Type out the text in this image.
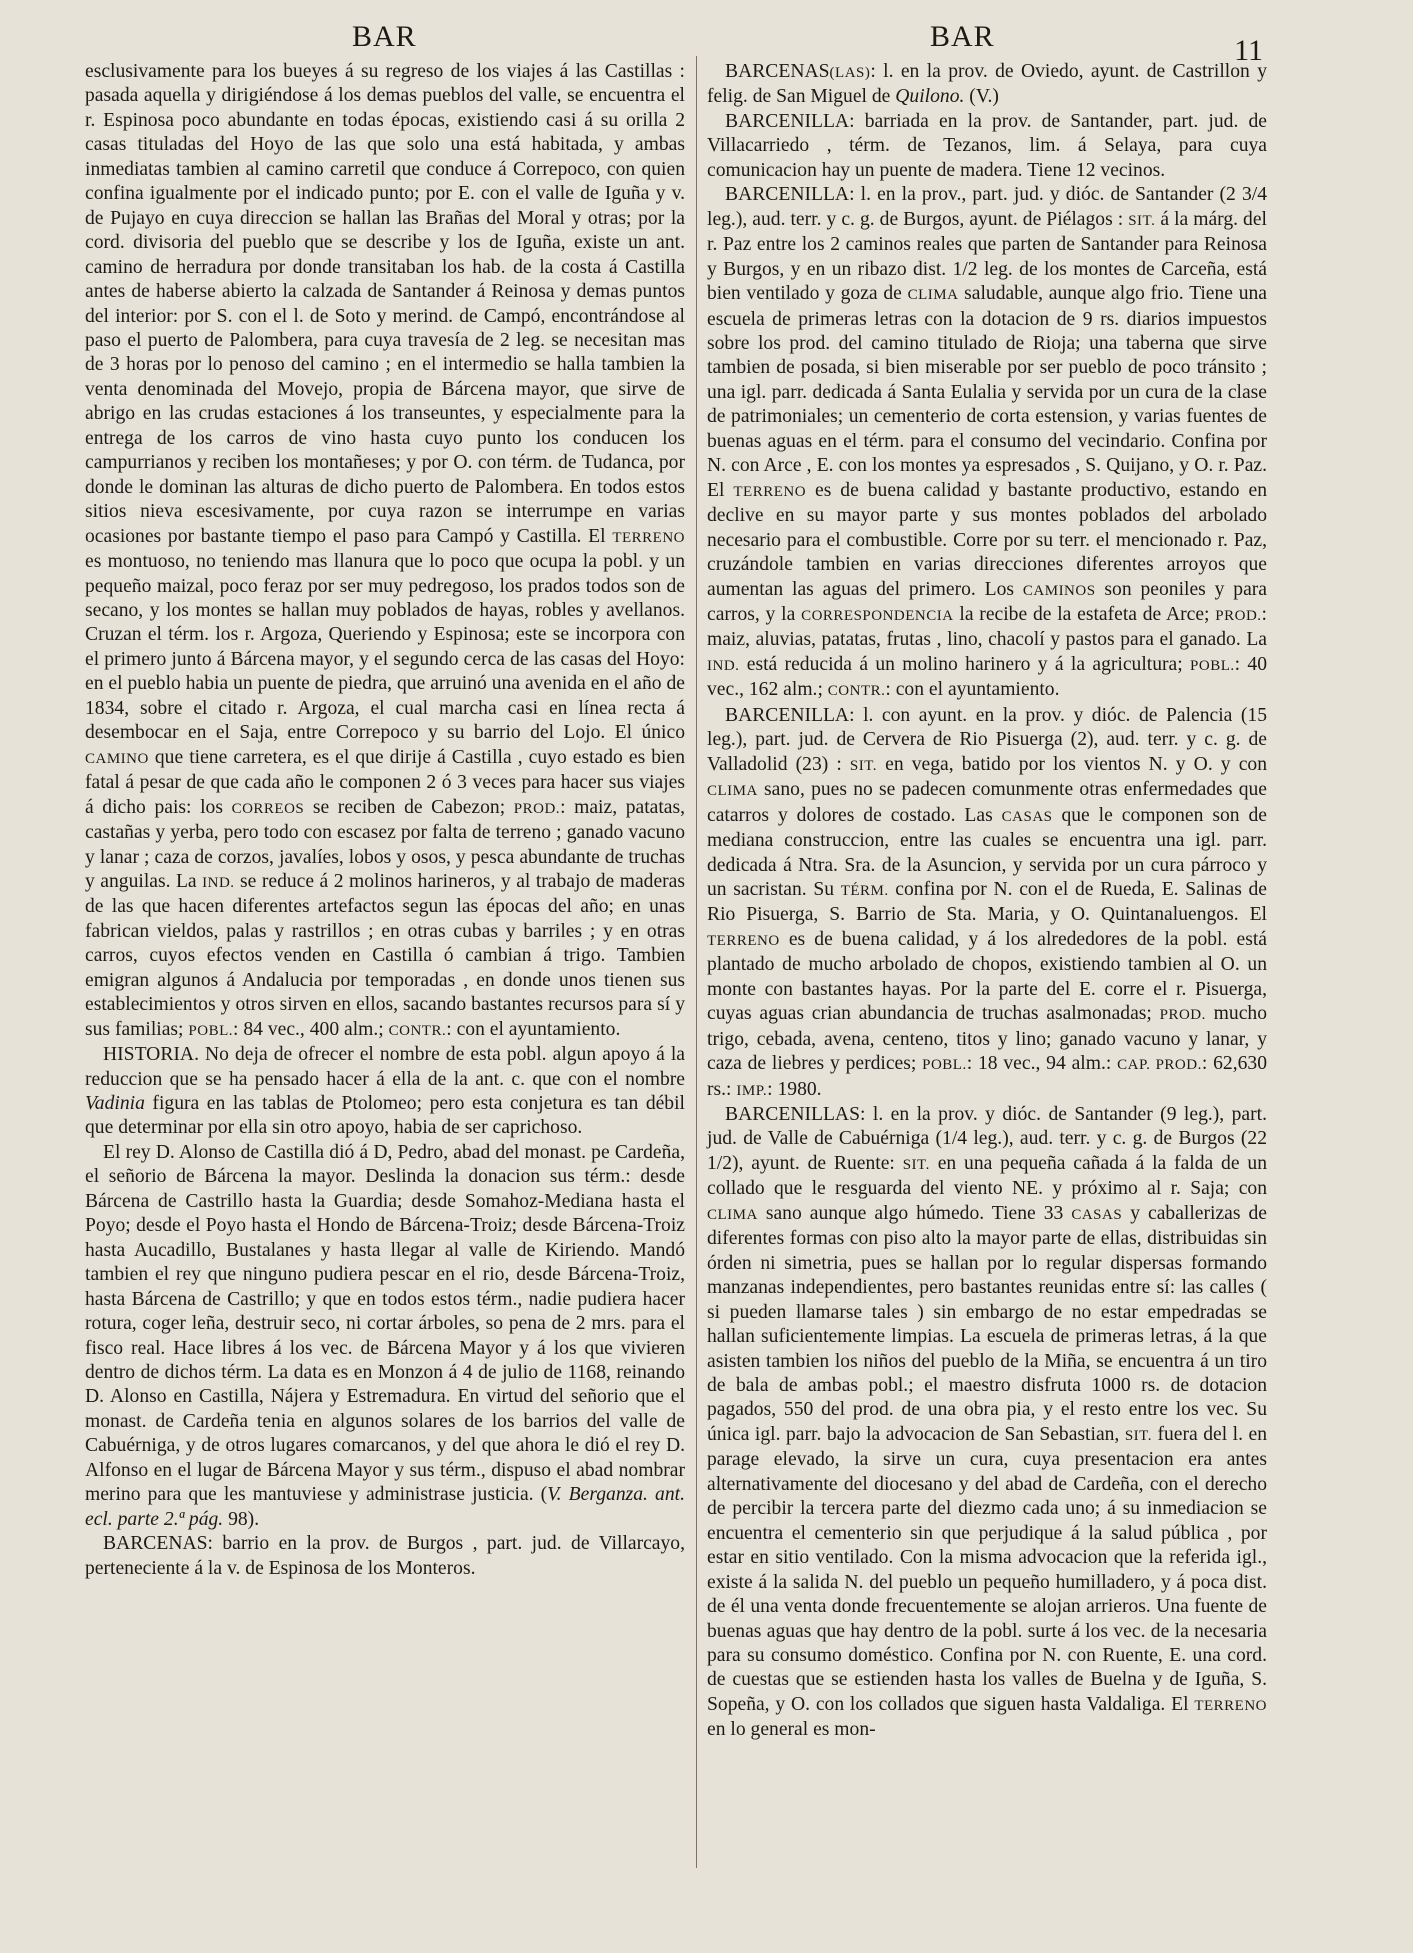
BAR	BAR	11

esclusivamente para los bueyes á su regreso de los viajes á las Castillas : pasada aquella y dirigiéndose á los demas pueblos del valle, se encuentra el r. Espinosa poco abundante en todas épocas, existiendo casi á su orilla 2 casas tituladas del Hoyo de las que solo una está habitada, y ambas inmediatas tambien al camino carretil que conduce á Correpoco, con quien confina igualmente por el indicado punto; por E. con el valle de Iguña y v. de Pujayo en cuya direccion se hallan las Brañas del Moral y otras; por la cord. divisoria del pueblo que se describe y los de Iguña, existe un ant. camino de herradura por donde transitaban los hab. de la costa á Castilla antes de haberse abierto la calzada de Santander á Reinosa y demas puntos del interior: por S. con el l. de Soto y merind. de Campó, encontrándose al paso el puerto de Palombera, para cuya travesía de 2 leg. se necesitan mas de 3 horas por lo penoso del camino ; en el intermedio se halla tambien la venta denominada del Movejo, propia de Bárcena mayor, que sirve de abrigo en las crudas estaciones á los transeuntes, y especialmente para la entrega de los carros de vino hasta cuyo punto los conducen los campurrianos y reciben los montañeses; y por O. con térm. de Tudanca, por donde le dominan las alturas de dicho puerto de Palombera. En todos estos sitios nieva escesivamente, por cuya razon se interrumpe en varias ocasiones por bastante tiempo el paso para Campó y Castilla. El TERRENO es montuoso, no teniendo mas llanura que lo poco que ocupa la pobl. y un pequeño maizal, poco feraz por ser muy pedregoso, los prados todos son de secano, y los montes se hallan muy poblados de hayas, robles y avellanos. Cruzan el térm. los r. Argoza, Queriendo y Espinosa; este se incorpora con el primero junto á Bárcena mayor, y el segundo cerca de las casas del Hoyo: en el pueblo habia un puente de piedra, que arruinó una avenida en el año de 1834, sobre el citado r. Argoza, el cual marcha casi en línea recta á desembocar en el Saja, entre Correpoco y su barrio del Lojo. El único CAMINO que tiene carretera, es el que dirije á Castilla , cuyo estado es bien fatal á pesar de que cada año le componen 2 ó 3 veces para hacer sus viajes á dicho pais: los CORREOS se reciben de Cabezon; PROD.: maiz, patatas, castañas y yerba, pero todo con escasez por falta de terreno ; ganado vacuno y lanar ; caza de corzos, javalíes, lobos y osos, y pesca abundante de truchas y anguilas. La IND. se reduce á 2 molinos harineros, y al trabajo de maderas de las que hacen diferentes artefactos segun las épocas del año; en unas fabrican vieldos, palas y rastrillos ; en otras cubas y barriles ; y en otras carros, cuyos efectos venden en Castilla ó cambian á trigo. Tambien emigran algunos á Andalucia por temporadas , en donde unos tienen sus establecimientos y otros sirven en ellos, sacando bastantes recursos para sí y sus familias; POBL.: 84 vec., 400 alm.; CONTR.: con el ayuntamiento.

HISTORIA. No deja de ofrecer el nombre de esta pobl. algun apoyo á la reduccion que se ha pensado hacer á ella de la ant. c. que con el nombre Vadinia figura en las tablas de Ptolomeo; pero esta conjetura es tan débil que determinar por ella sin otro apoyo, habia de ser caprichoso.

El rey D. Alonso de Castilla dió á D, Pedro, abad del monast. pe Cardeña, el señorio de Bárcena la mayor. Deslinda la donacion sus térm.: desde Bárcena de Castrillo hasta la Guardia; desde Somahoz-Mediana hasta el Poyo; desde el Poyo hasta el Hondo de Bárcena-Troiz; desde Bárcena-Troiz hasta Aucadillo, Bustalanes y hasta llegar al valle de Kiriendo. Mandó tambien el rey que ninguno pudiera pescar en el rio, desde Bárcena-Troiz, hasta Bárcena de Castrillo; y que en todos estos térm., nadie pudiera hacer rotura, coger leña, destruir seco, ni cortar árboles, so pena de 2 mrs. para el fisco real. Hace libres á los vec. de Bárcena Mayor y á los que vivieren dentro de dichos térm. La data es en Monzon á 4 de julio de 1168, reinando D. Alonso en Castilla, Nájera y Estremadura. En virtud del señorio que el monast. de Cardeña tenia en algunos solares de los barrios del valle de Cabuérniga, y de otros lugares comarcanos, y del que ahora le dió el rey D. Alfonso en el lugar de Bárcena Mayor y sus térm., dispuso el abad nombrar merino para que les mantuviese y administrase justicia. (V. Berganza. ant. ecl. parte 2.ª pág. 98).

BARCENAS: barrio en la prov. de Burgos , part. jud. de Villarcayo, perteneciente á la v. de Espinosa de los Monteros.

BARCENAS(LAS): l. en la prov. de Oviedo, ayunt. de Castrillon y felig. de San Miguel de Quilono. (V.)

BARCENILLA: barriada en la prov. de Santander, part. jud. de Villacarriedo , térm. de Tezanos, lim. á Selaya, para cuya comunicacion hay un puente de madera. Tiene 12 vecinos.

BARCENILLA: l. en la prov., part. jud. y dióc. de Santander (2 3/4 leg.), aud. terr. y c. g. de Burgos, ayunt. de Piélagos : SIT. á la márg. del r. Paz entre los 2 caminos reales que parten de Santander para Reinosa y Burgos, y en un ribazo dist. 1/2 leg. de los montes de Carceña, está bien ventilado y goza de CLIMA saludable, aunque algo frio. Tiene una escuela de primeras letras con la dotacion de 9 rs. diarios impuestos sobre los prod. del camino titulado de Rioja; una taberna que sirve tambien de posada, si bien miserable por ser pueblo de poco tránsito ; una igl. parr. dedicada á Santa Eulalia y servida por un cura de la clase de patrimoniales; un cementerio de corta estension, y varias fuentes de buenas aguas en el térm. para el consumo del vecindario. Confina por N. con Arce , E. con los montes ya espresados , S. Quijano, y O. r. Paz. El TERRENO es de buena calidad y bastante productivo, estando en declive en su mayor parte y sus montes poblados del arbolado necesario para el combustible. Corre por su terr. el mencionado r. Paz, cruzándole tambien en varias direcciones diferentes arroyos que aumentan las aguas del primero. Los CAMINOS son peoniles y para carros, y la CORRESPONDENCIA la recibe de la estafeta de Arce; PROD.: maiz, aluvias, patatas, frutas , lino, chacolí y pastos para el ganado. La IND. está reducida á un molino harinero y á la agricultura; POBL.: 40 vec., 162 alm.; CONTR.: con el ayuntamiento.

BARCENILLA: l. con ayunt. en la prov. y dióc. de Palencia (15 leg.), part. jud. de Cervera de Rio Pisuerga (2), aud. terr. y c. g. de Valladolid (23) : SIT. en vega, batido por los vientos N. y O. y con CLIMA sano, pues no se padecen comunmente otras enfermedades que catarros y dolores de costado. Las CASAS que le componen son de mediana construccion, entre las cuales se encuentra una igl. parr. dedicada á Ntra. Sra. de la Asuncion, y servida por un cura párroco y un sacristan. Su TÉRM. confina por N. con el de Rueda, E. Salinas de Rio Pisuerga, S. Barrio de Sta. Maria, y O. Quintanaluengos. El TERRENO es de buena calidad, y á los alrededores de la pobl. está plantado de mucho arbolado de chopos, existiendo tambien al O. un monte con bastantes hayas. Por la parte del E. corre el r. Pisuerga, cuyas aguas crian abundancia de truchas asalmonadas; PROD. mucho trigo, cebada, avena, centeno, titos y lino; ganado vacuno y lanar, y caza de liebres y perdices; POBL.: 18 vec., 94 alm.: CAP. PROD.: 62,630 rs.: IMP.: 1980.

BARCENILLAS: l. en la prov. y dióc. de Santander (9 leg.), part. jud. de Valle de Cabuérniga (1/4 leg.), aud. terr. y c. g. de Burgos (22 1/2), ayunt. de Ruente: SIT. en una pequeña cañada á la falda de un collado que le resguarda del viento NE. y próximo al r. Saja; con CLIMA sano aunque algo húmedo. Tiene 33 CASAS y caballerizas de diferentes formas con piso alto la mayor parte de ellas, distribuidas sin órden ni simetria, pues se hallan por lo regular dispersas formando manzanas independientes, pero bastantes reunidas entre sí: las calles ( si pueden llamarse tales ) sin embargo de no estar empedradas se hallan suficientemente limpias. La escuela de primeras letras, á la que asisten tambien los niños del pueblo de la Miña, se encuentra á un tiro de bala de ambas pobl.; el maestro disfruta 1000 rs. de dotacion pagados, 550 del prod. de una obra pia, y el resto entre los vec. Su única igl. parr. bajo la advocacion de San Sebastian, SIT. fuera del l. en parage elevado, la sirve un cura, cuya presentacion era antes alternativamente del diocesano y del abad de Cardeña, con el derecho de percibir la tercera parte del diezmo cada uno; á su inmediacion se encuentra el cementerio sin que perjudique á la salud pública , por estar en sitio ventilado. Con la misma advocacion que la referida igl., existe á la salida N. del pueblo un pequeño humilladero, y á poca dist. de él una venta donde frecuentemente se alojan arrieros. Una fuente de buenas aguas que hay dentro de la pobl. surte á los vec. de la necesaria para su consumo doméstico. Confina por N. con Ruente, E. una cord. de cuestas que se estienden hasta los valles de Buelna y de Iguña, S. Sopeña, y O. con los collados que siguen hasta Valdaliga. El TERRENO en lo general es mon-
